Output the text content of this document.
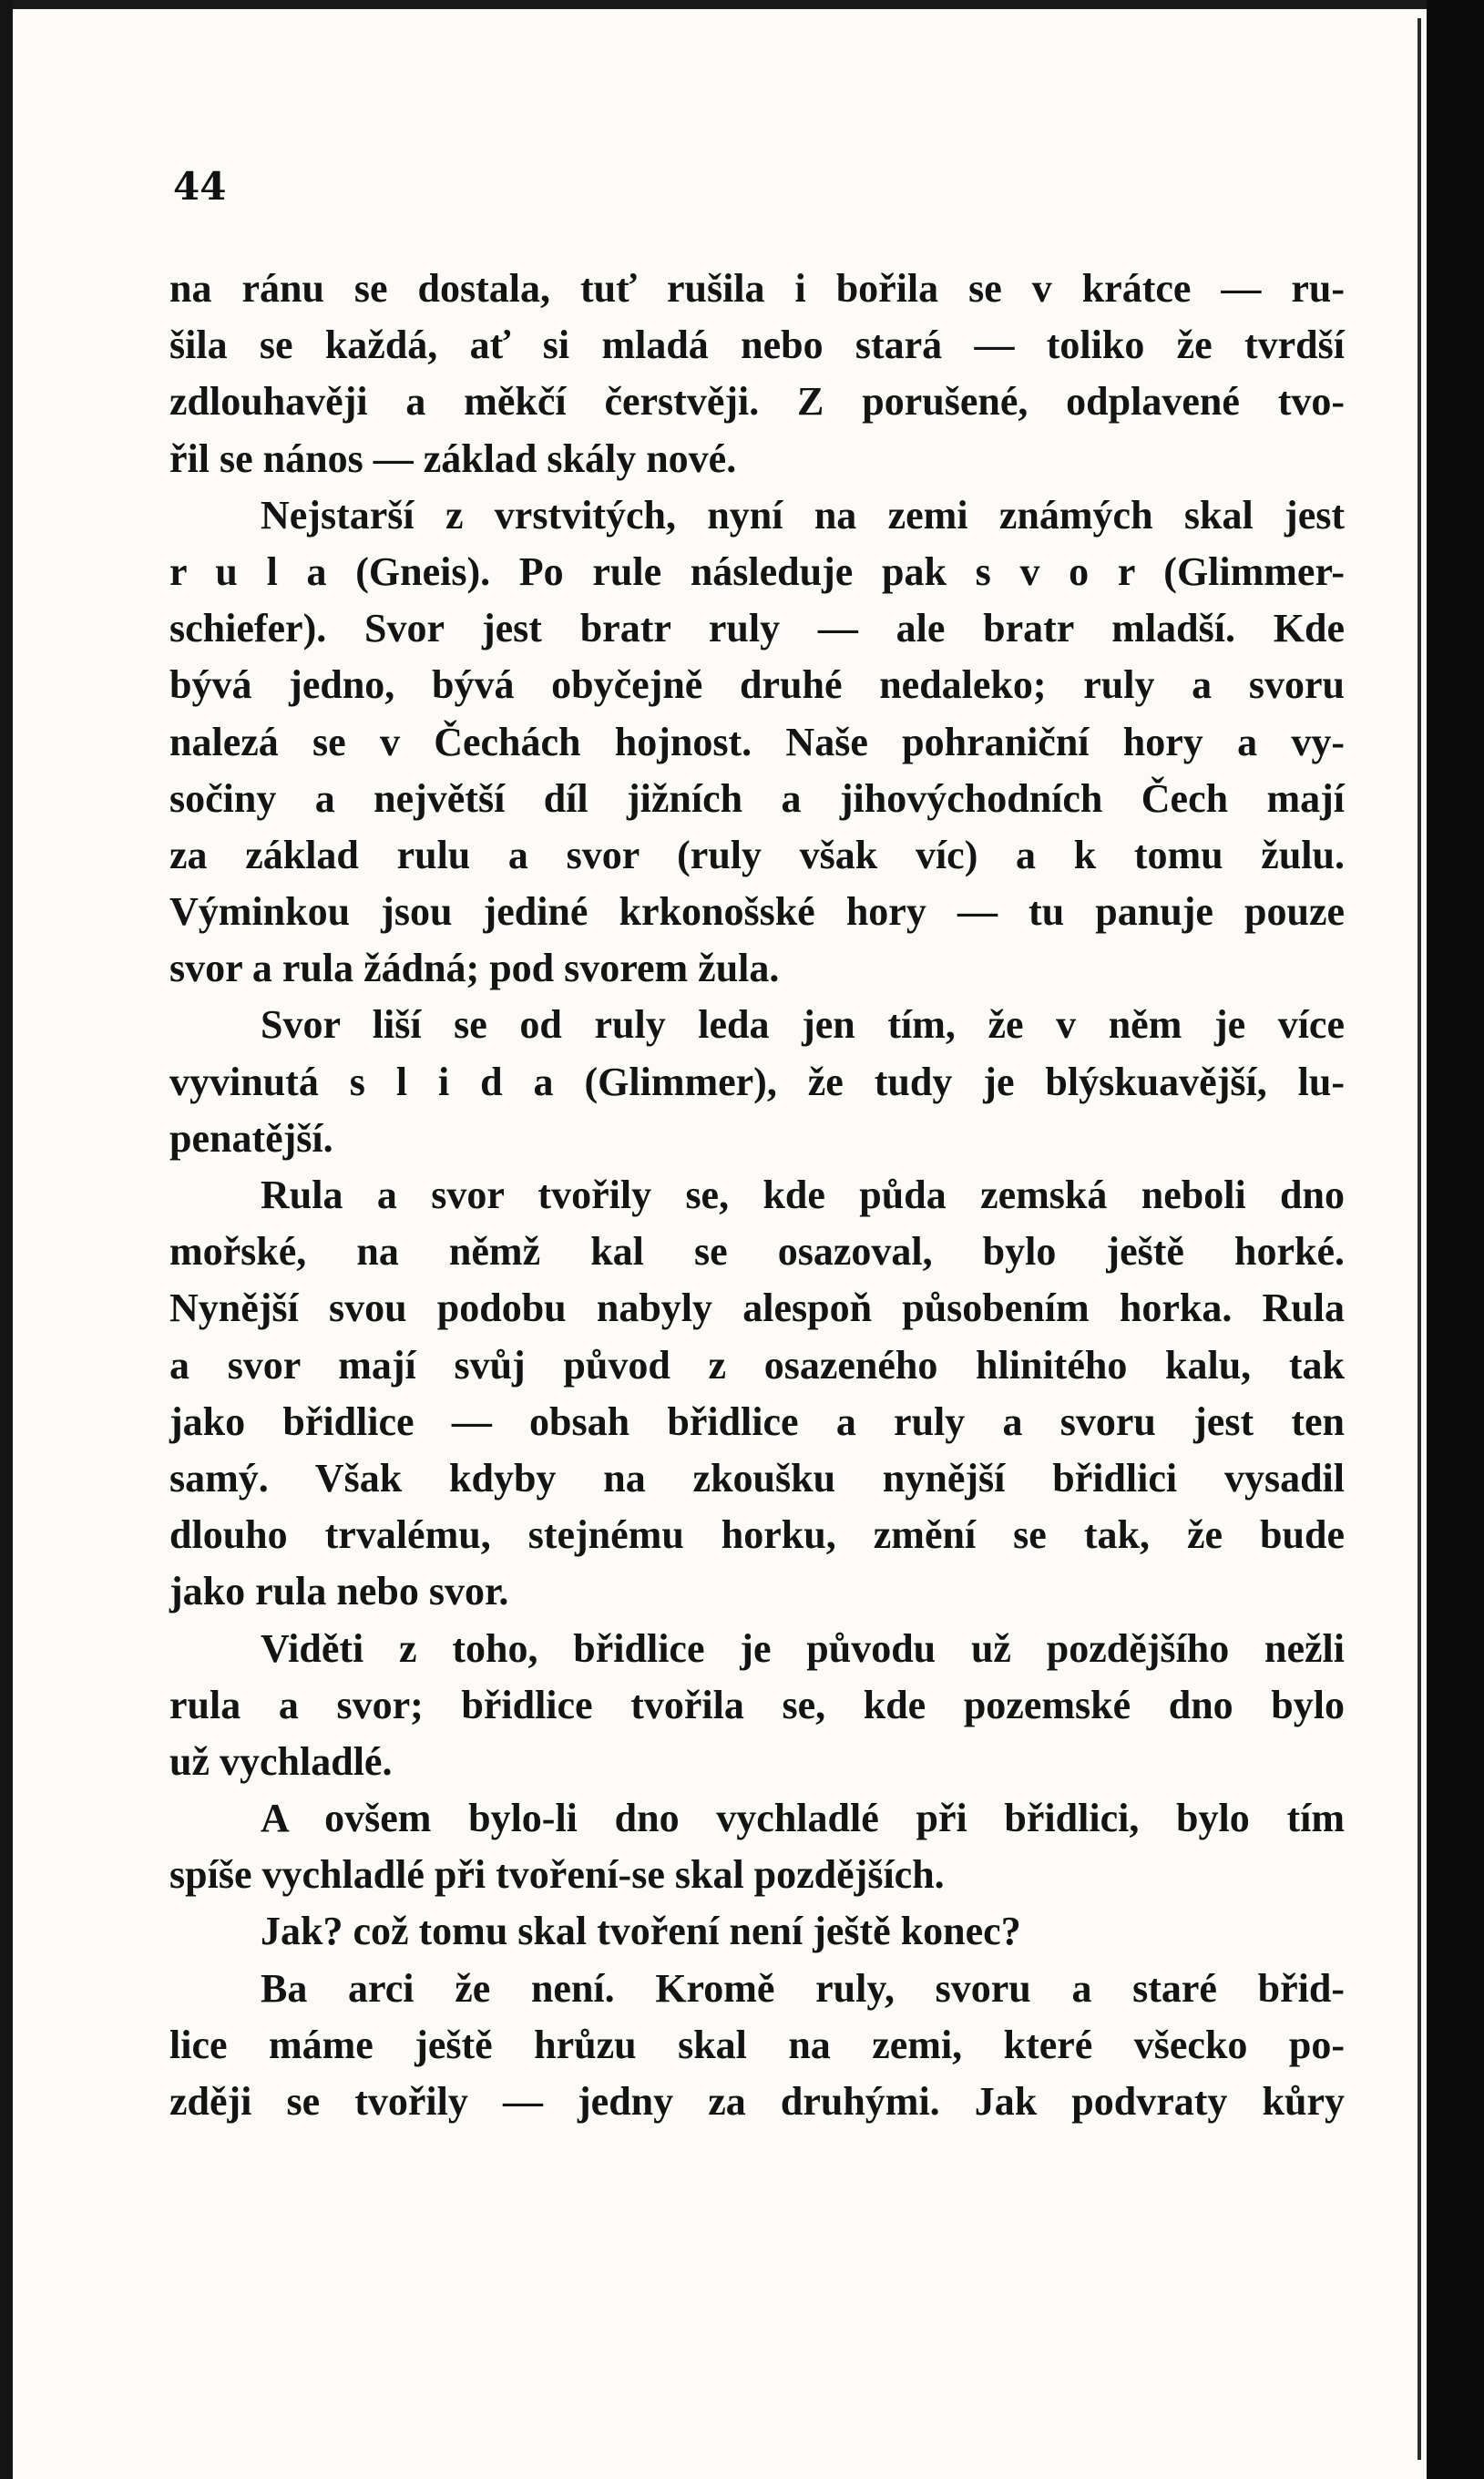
44
na ránu se dostala, tuť rušila i bořila se v krátce — ru-
šila se každá, ať si mladá nebo stará — toliko že tvrdší
zdlouhavěji a měkčí čerstvěji. Z porušené, odplavené tvo-
řil se nános — základ skály nové.
Nejstarší z vrstvitých, nyní na zemi známých skal jest
r u l a (Gneis). Po rule následuje pak s v o r (Glimmer-
schiefer). Svor jest bratr ruly — ale bratr mladší. Kde
bývá jedno, bývá obyčejně druhé nedaleko; ruly a svoru
nalezá se v Čechách hojnost. Naše pohraniční hory a vy-
sočiny a největší díl jižních a jihovýchodních Čech mají
za základ rulu a svor (ruly však víc) a k tomu žulu.
Výminkou jsou jediné krkonošské hory — tu panuje pouze
svor a rula žádná; pod svorem žula.
Svor liší se od ruly leda jen tím, že v něm je více
vyvinutá s l i d a (Glimmer), že tudy je blýskuavější, lu-
penatější.
Rula a svor tvořily se, kde půda zemská neboli dno
mořské, na němž kal se osazoval, bylo ještě horké.
Nynější svou podobu nabyly alespoň působením horka. Rula
a svor mají svůj původ z osazeného hlinitého kalu, tak
jako břidlice — obsah břidlice a ruly a svoru jest ten
samý. Však kdyby na zkoušku nynější břidlici vysadil
dlouho trvalému, stejnému horku, změní se tak, že bude
jako rula nebo svor.
Viděti z toho, břidlice je původu už pozdějšího nežli
rula a svor; břidlice tvořila se, kde pozemské dno bylo
už vychladlé.
A ovšem bylo-li dno vychladlé při břidlici, bylo tím
spíše vychladlé při tvoření-se skal pozdějších.
Jak? což tomu skal tvoření není ještě konec?
Ba arci že není. Kromě ruly, svoru a staré břid-
lice máme ještě hrůzu skal na zemi, které všecko po-
zději se tvořily — jedny za druhými. Jak podvraty kůry
